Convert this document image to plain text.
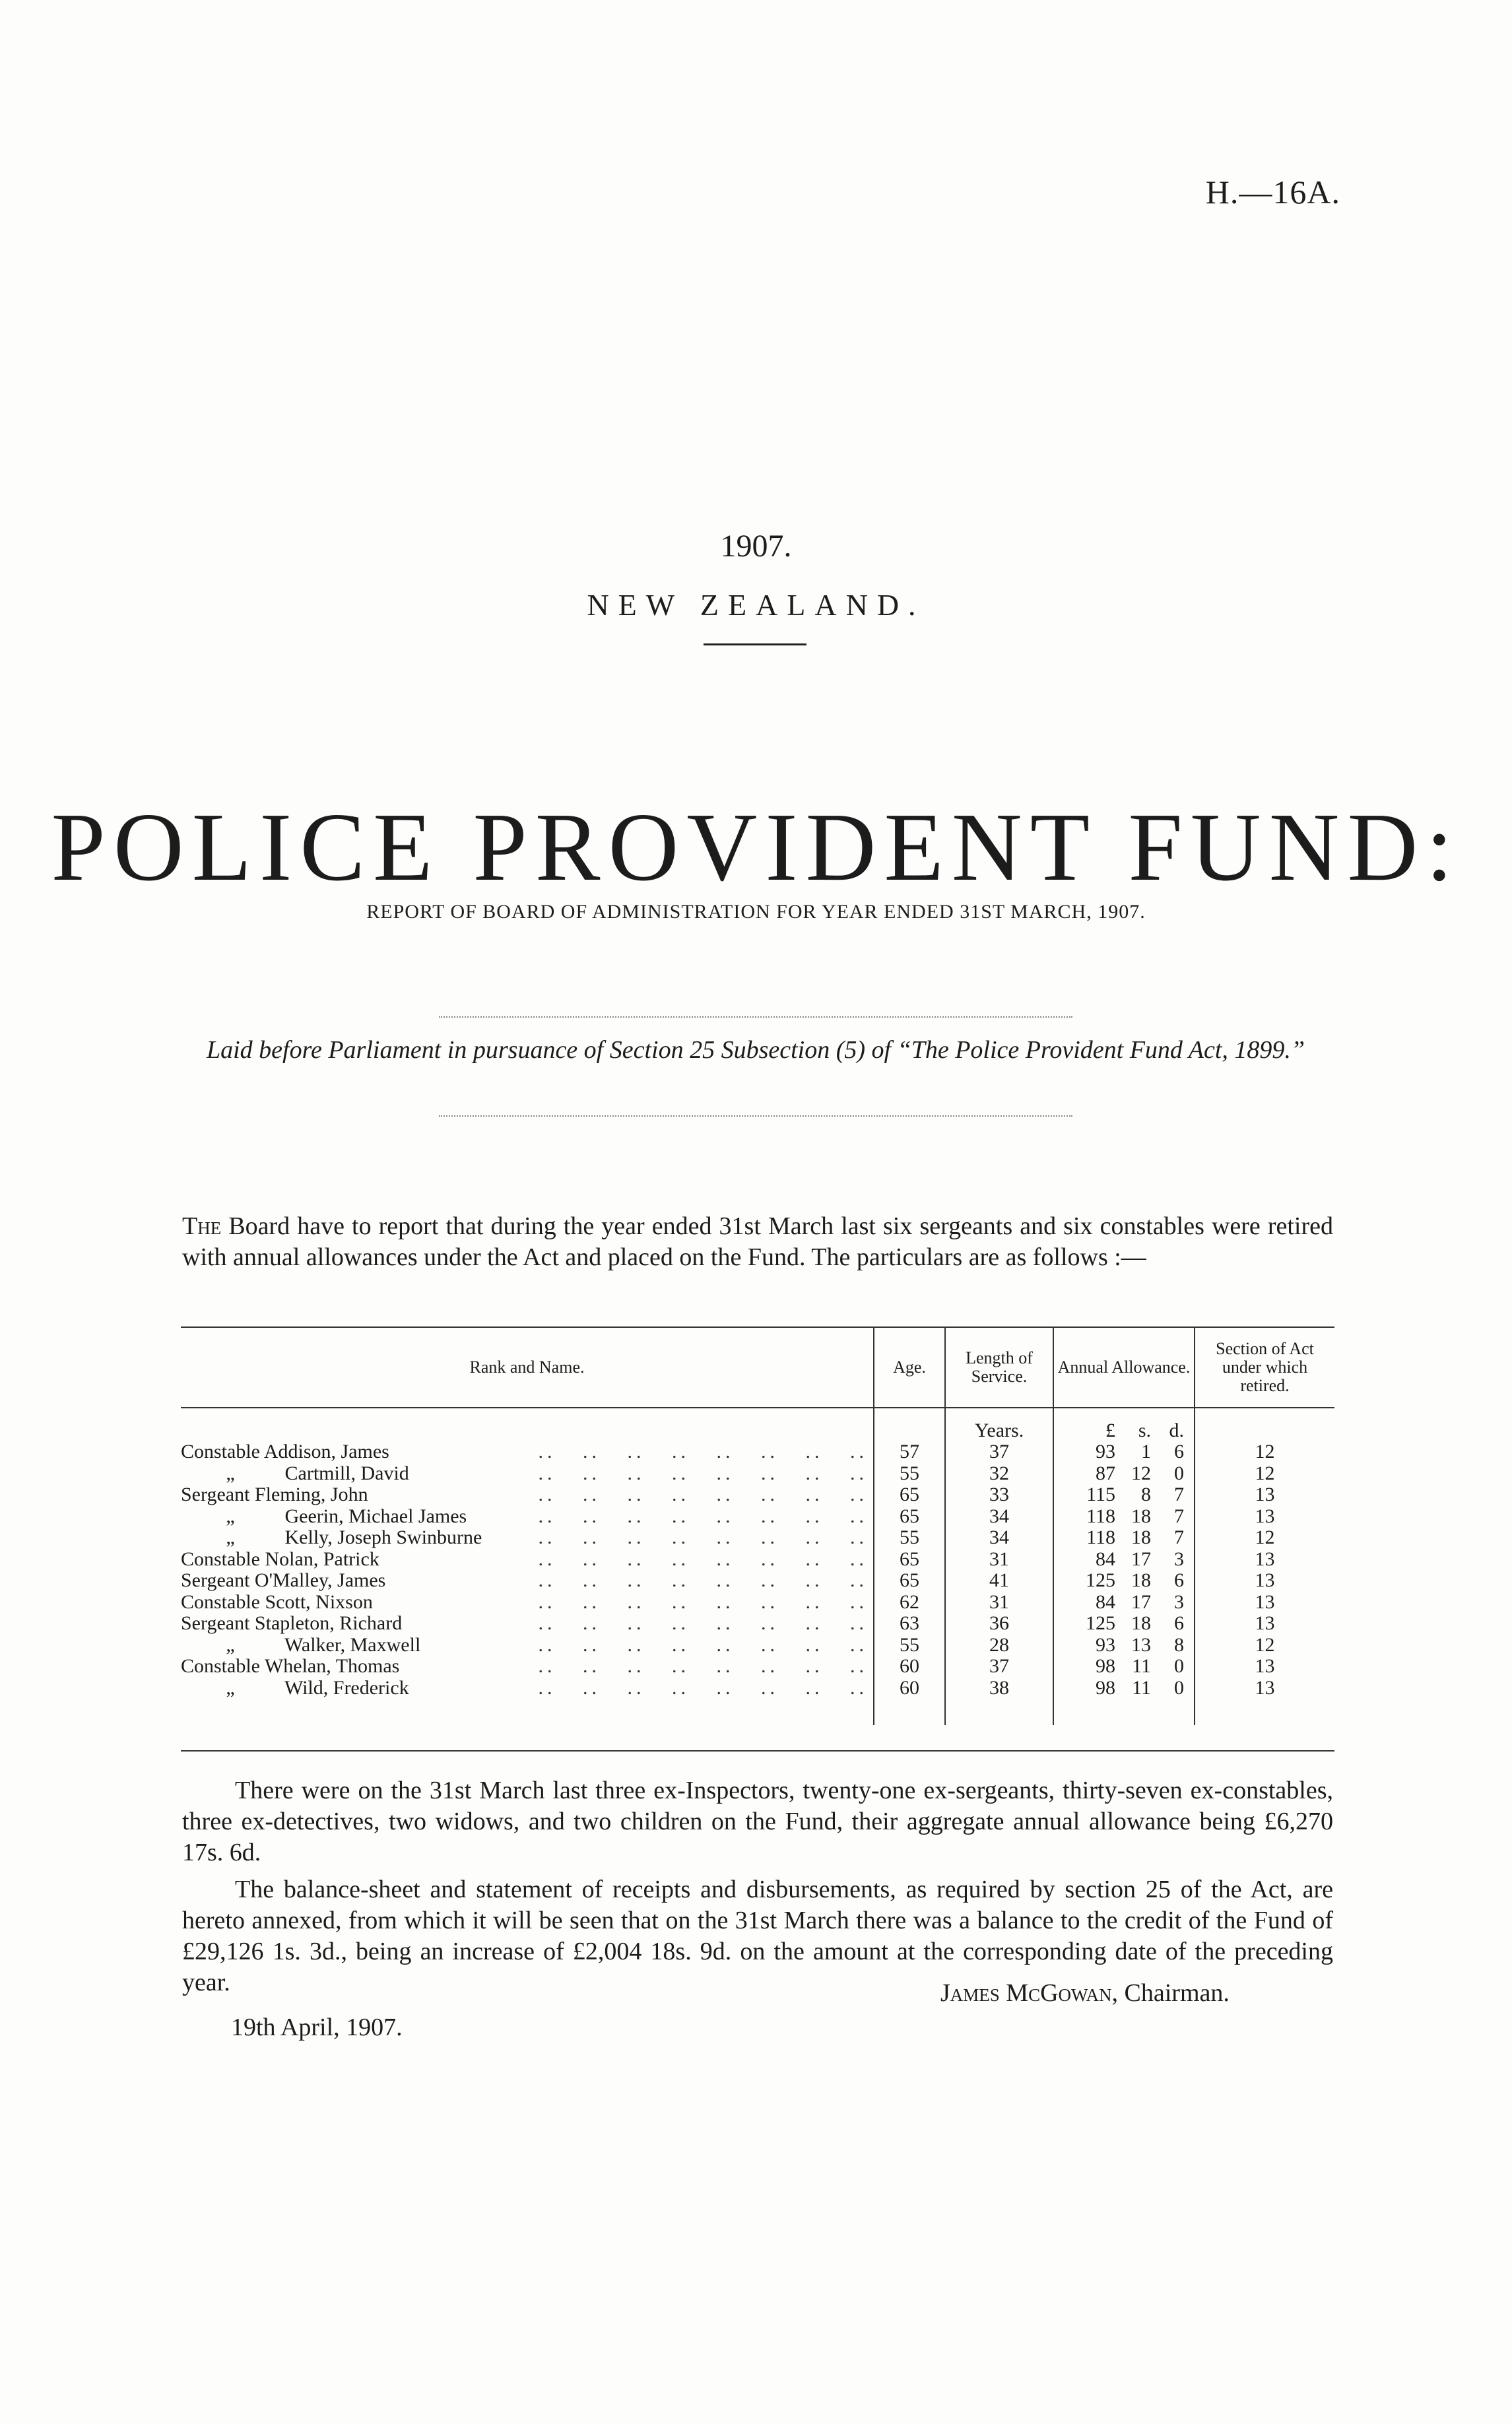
H.—16A.
1907.
NEW ZEALAND.
POLICE PROVIDENT FUND:
REPORT OF BOARD OF ADMINISTRATION FOR YEAR ENDED 31ST MARCH, 1907.
Laid before Parliament in pursuance of Section 25 Subsection (5) of “The Police Provident Fund Act, 1899.”
The Board have to report that during the year ended 31st March last six sergeants and six constables were retired with annual allowances under the Act and placed on the Fund. The particulars are as follows :—
Rank and Name.	Age.	Length of Service.	Annual Allowance.	Section of Act under which retired.
		Years.	£ s. d.	
Constable Addison, James ..   ..   ..   ..   ..   ..   ..   ..	57	37	93 1 6	12
„ Cartmill, David ..   ..   ..   ..   ..   ..   ..   ..	55	32	87 12 0	12
Sergeant Fleming, John ..   ..   ..   ..   ..   ..   ..   ..	65	33	115 8 7	13
„ Geerin, Michael James ..   ..   ..   ..   ..   ..   ..   ..	65	34	118 18 7	13
„ Kelly, Joseph Swinburne ..   ..   ..   ..   ..   ..   ..   ..	55	34	118 18 7	12
Constable Nolan, Patrick ..   ..   ..   ..   ..   ..   ..   ..	65	31	84 17 3	13
Sergeant O'Malley, James ..   ..   ..   ..   ..   ..   ..   ..	65	41	125 18 6	13
Constable Scott, Nixson ..   ..   ..   ..   ..   ..   ..   ..	62	31	84 17 3	13
Sergeant Stapleton, Richard ..   ..   ..   ..   ..   ..   ..   ..	63	36	125 18 6	13
„ Walker, Maxwell ..   ..   ..   ..   ..   ..   ..   ..	55	28	93 13 8	12
Constable Whelan, Thomas ..   ..   ..   ..   ..   ..   ..   ..	60	37	98 11 0	13
„ Wild, Frederick ..   ..   ..   ..   ..   ..   ..   ..	60	38	98 11 0	13

There were on the 31st March last three ex-Inspectors, twenty-one ex-sergeants, thirty-seven ex-constables, three ex-detectives, two widows, and two children on the Fund, their aggregate annual allowance being £6,270 17s. 6d.
The balance-sheet and statement of receipts and disbursements, as required by section 25 of the Act, are hereto annexed, from which it will be seen that on the 31st March there was a balance to the credit of the Fund of £29,126 1s. 3d., being an increase of £2,004 18s. 9d. on the amount at the corresponding date of the preceding year.	James McGowan, Chairman.
19th April, 1907.
